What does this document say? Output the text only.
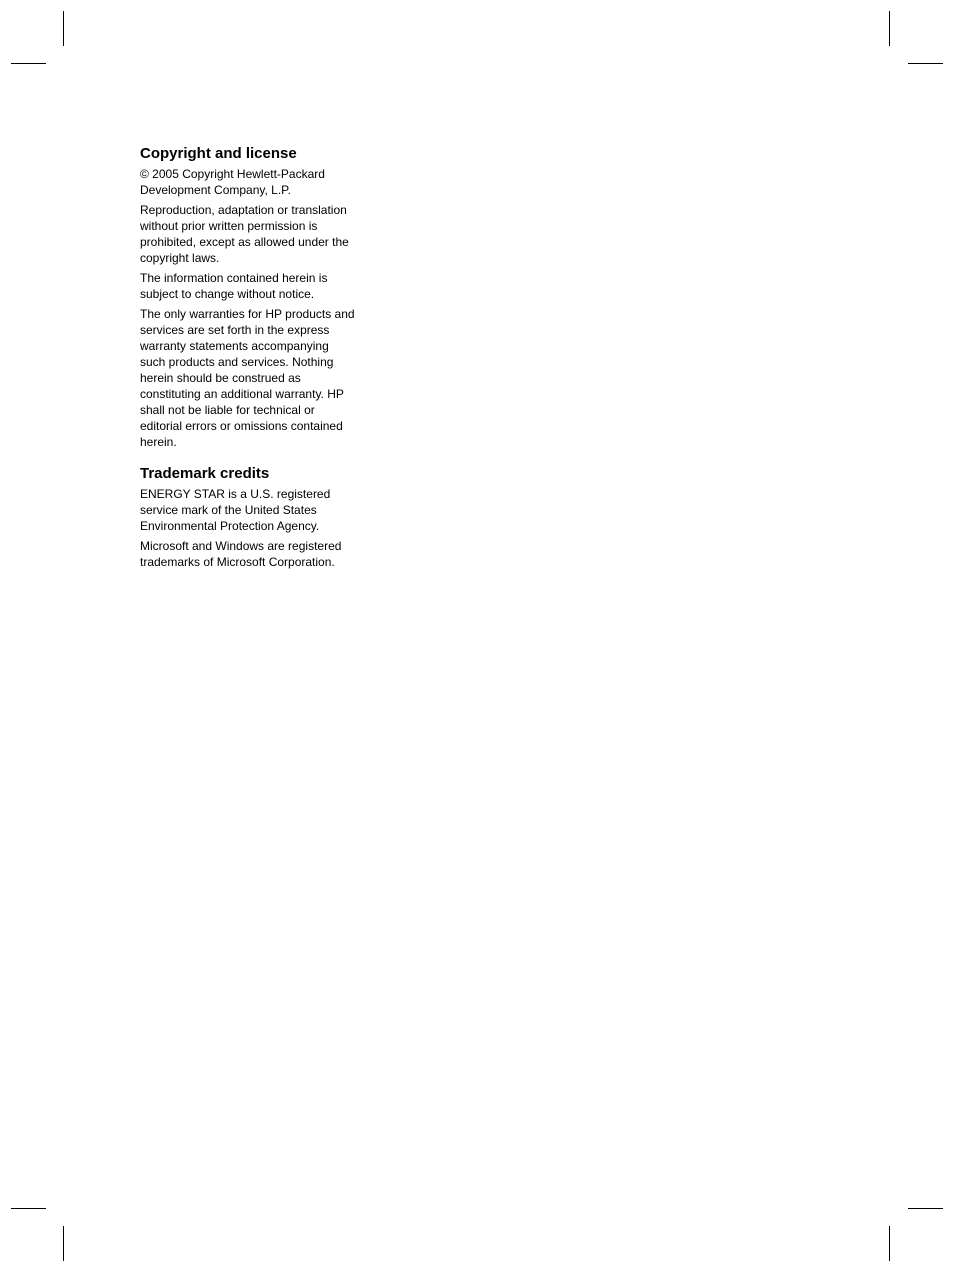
Copyright and license

© 2005 Copyright Hewlett-Packard Development Company, L.P.

Reproduction, adaptation or translation without prior written permission is prohibited, except as allowed under the copyright laws.

The information contained herein is subject to change without notice.

The only warranties for HP products and services are set forth in the express warranty statements accompanying such products and services. Nothing herein should be construed as constituting an additional warranty. HP shall not be liable for technical or editorial errors or omissions contained herein.

Trademark credits

ENERGY STAR is a U.S. registered service mark of the United States Environmental Protection Agency.

Microsoft and Windows are registered trademarks of Microsoft Corporation.
